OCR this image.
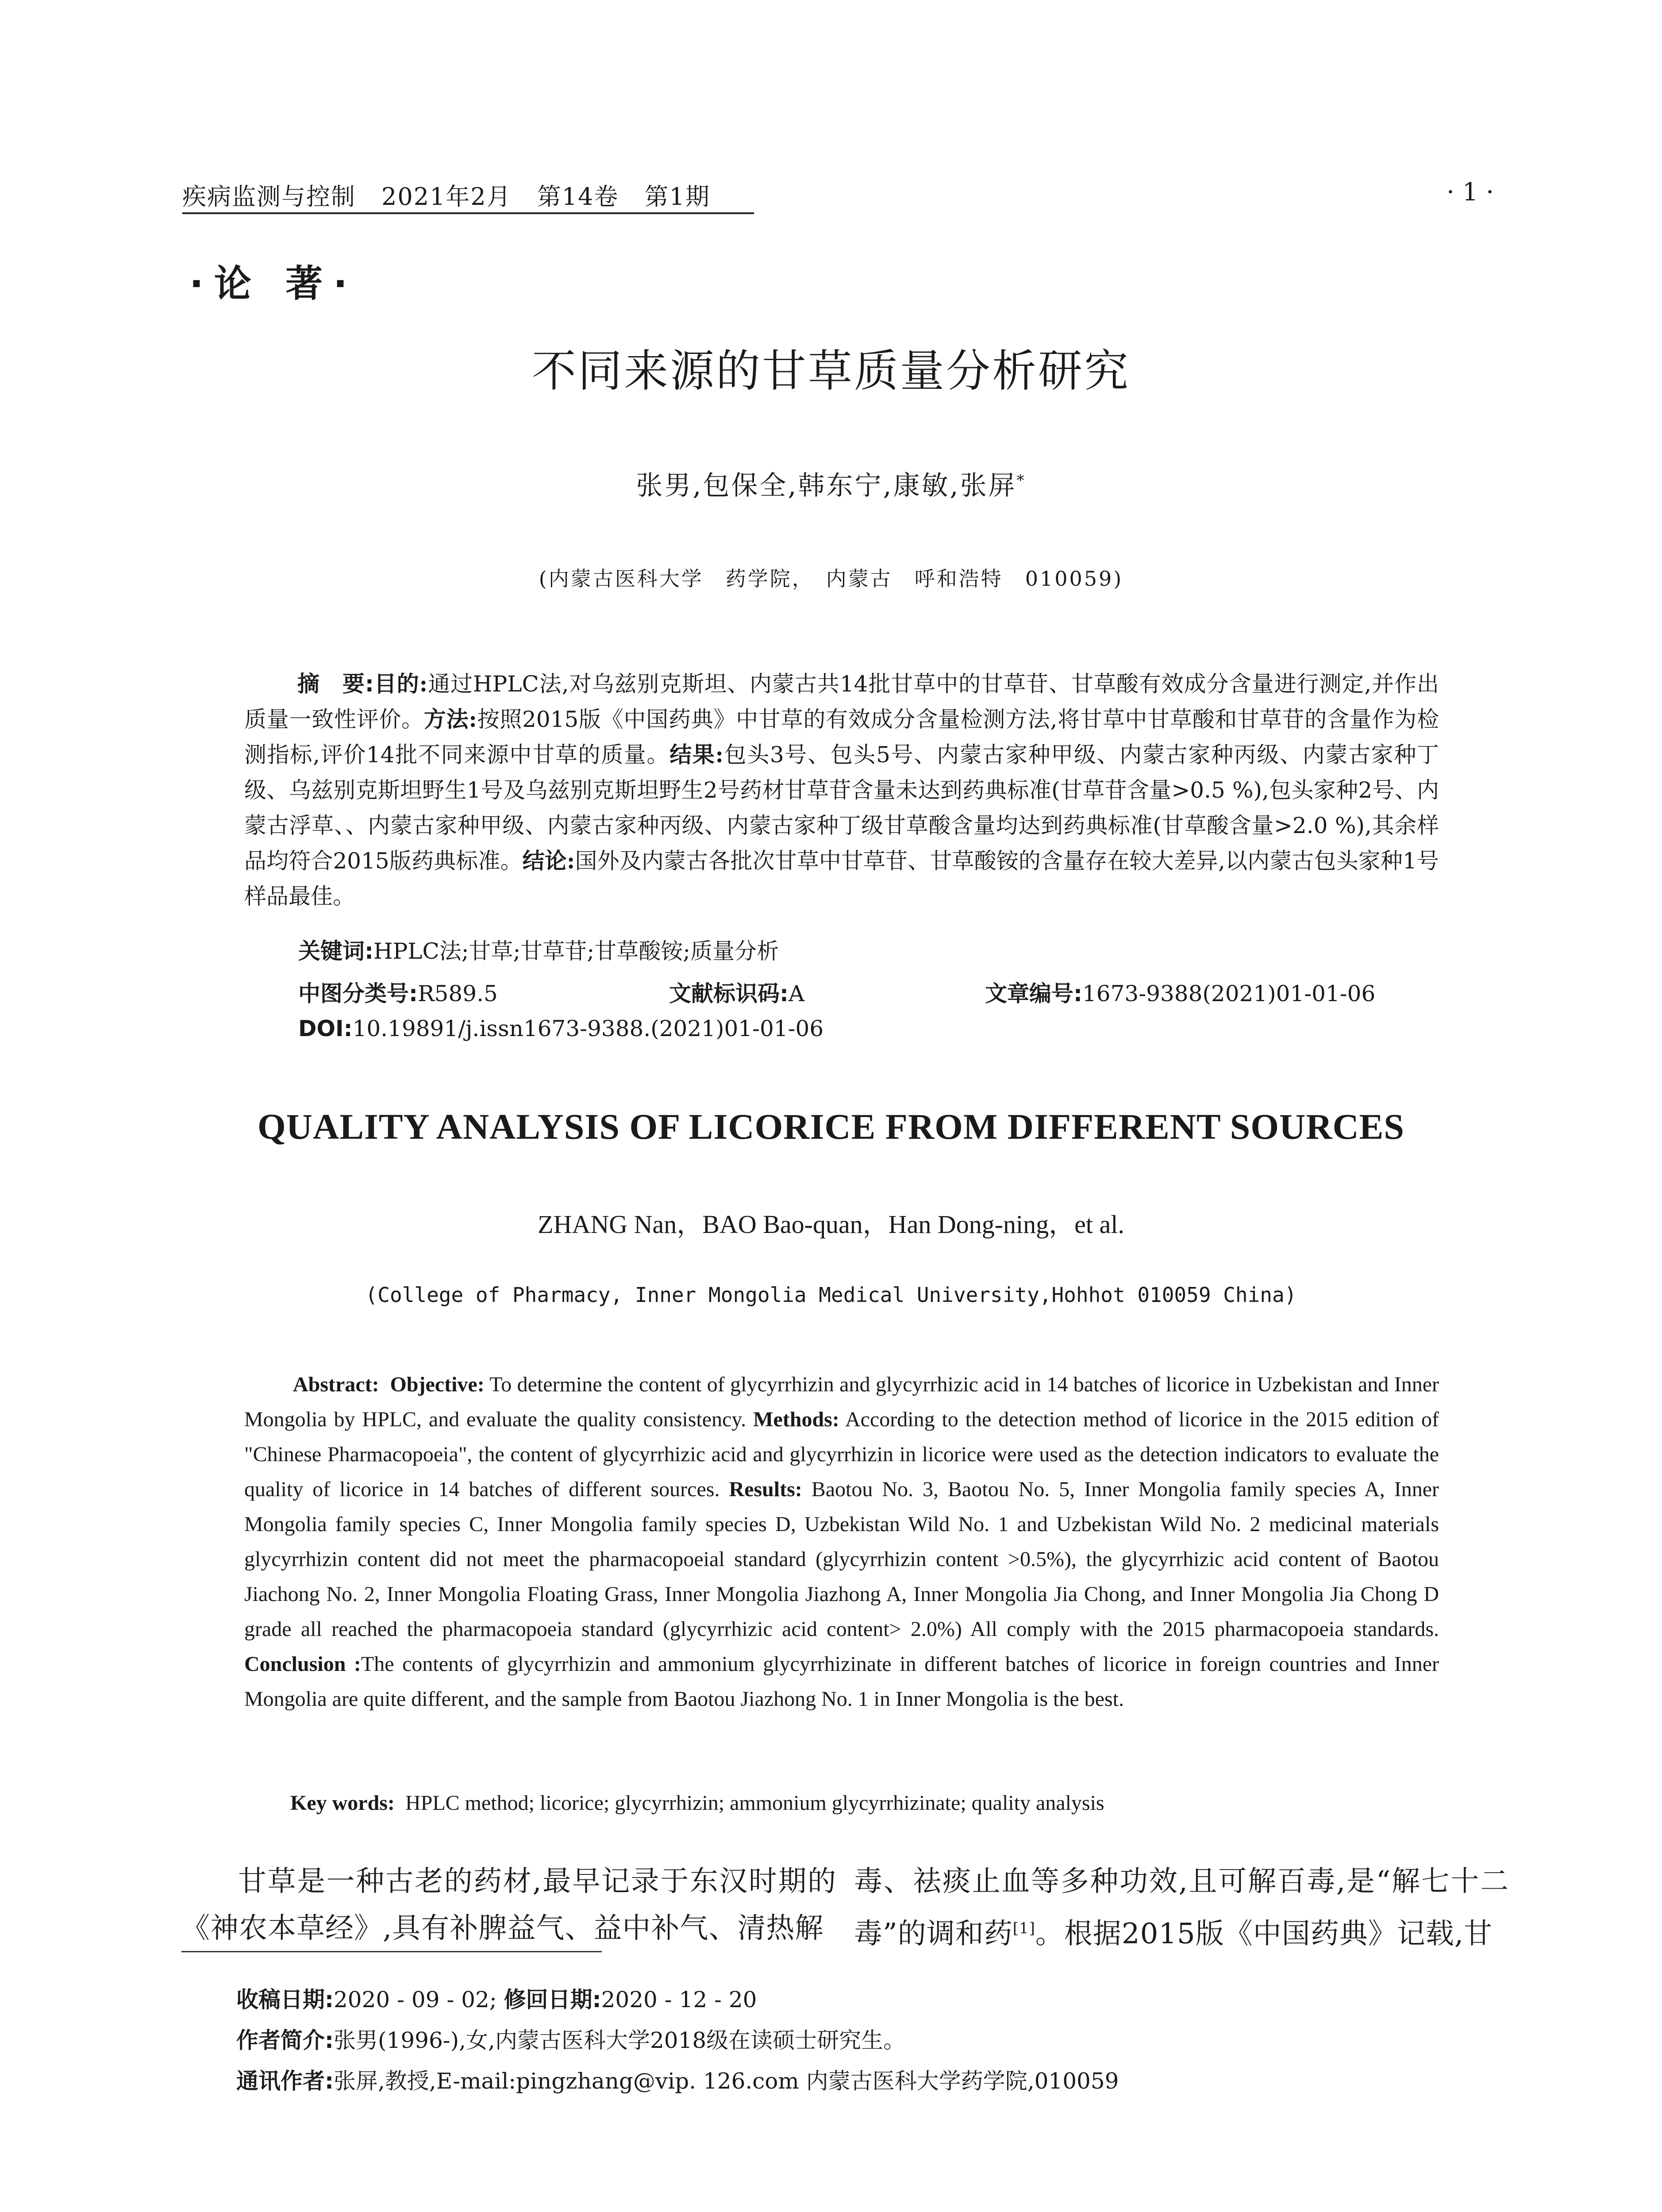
疾病监测与控制 2021年2月 第14卷 第1期	· 1 ·
·论 著·
不同来源的甘草质量分析研究
张男,包保全,韩东宁,康敏,张屏*
(内蒙古医科大学　药学院，　内蒙古　呼和浩特　010059)
摘　要:目的:通过HPLC法,对乌兹别克斯坦、内蒙古共14批甘草中的甘草苷、甘草酸有效成分含量进行测定,并作出质量一致性评价。方法:按照2015版《中国药典》中甘草的有效成分含量检测方法,将甘草中甘草酸和甘草苷的含量作为检测指标,评价14批不同来源中甘草的质量。结果:包头3号、包头5号、内蒙古家种甲级、内蒙古家种丙级、内蒙古家种丁级、乌兹别克斯坦野生1号及乌兹别克斯坦野生2号药材甘草苷含量未达到药典标准(甘草苷含量>0.5 %),包头家种2号、内蒙古浮草、、内蒙古家种甲级、内蒙古家种丙级、内蒙古家种丁级甘草酸含量均达到药典标准(甘草酸含量>2.0 %),其余样品均符合2015版药典标准。结论:国外及内蒙古各批次甘草中甘草苷、甘草酸铵的含量存在较大差异,以内蒙古包头家种1号样品最佳。
关键词:HPLC法;甘草;甘草苷;甘草酸铵;质量分析
中图分类号:R589.5	文献标识码:A	文章编号:1673-9388(2021)01-01-06
DOI:10.19891/j.issn1673-9388.(2021)01-01-06
QUALITY ANALYSIS OF LICORICE FROM DIFFERENT SOURCES
ZHANG Nan，BAO Bao-quan，Han Dong-ning，et al.
(College of Pharmacy, Inner Mongolia Medical University,Hohhot 010059 China)
Abstract: Objective: To determine the content of glycyrrhizin and glycyrrhizic acid in 14 batches of licorice in Uzbekistan and Inner Mongolia by HPLC, and evaluate the quality consistency. Methods: According to the detection method of licorice in the 2015 edition of "Chinese Pharmacopoeia", the content of glycyrrhizic acid and glycyrrhizin in licorice were used as the detection indicators to evaluate the quality of licorice in 14 batches of different sources. Results: Baotou No. 3, Baotou No. 5, Inner Mongolia family species A, Inner Mongolia family species C, Inner Mongolia family species D, Uzbekistan Wild No. 1 and Uzbekistan Wild No. 2 medicinal materials glycyrrhizin content did not meet the pharmacopoeial standard (glycyrrhizin content >0.5%), the glycyrrhizic acid content of Baotou Jiachong No. 2, Inner Mongolia Floating Grass, Inner Mongolia Jiazhong A, Inner Mongolia Jia Chong, and Inner Mongolia Jia Chong D grade all reached the pharmacopoeia standard (glycyrrhizic acid content> 2.0%) All comply with the 2015 pharmacopoeia standards. Conclusion :The contents of glycyrrhizin and ammonium glycyrrhizinate in different batches of licorice in foreign countries and Inner Mongolia are quite different, and the sample from Baotou Jiazhong No. 1 in Inner Mongolia is the best.
Key words: HPLC method; licorice; glycyrrhizin; ammonium glycyrrhizinate; quality analysis
甘草是一种古老的药材,最早记录于东汉时期的《神农本草经》,具有补脾益气、益中补气、清热解
毒、祛痰止血等多种功效,且可解百毒,是“解七十二毒”的调和药[1]。根据2015版《中国药典》记载,甘
收稿日期:2020 - 09 - 02; 修回日期:2020 - 12 - 20
作者简介:张男(1996-),女,内蒙古医科大学2018级在读硕士研究生。
通讯作者:张屏,教授,E-mail:pingzhang@vip. 126.com 内蒙古医科大学药学院,010059
